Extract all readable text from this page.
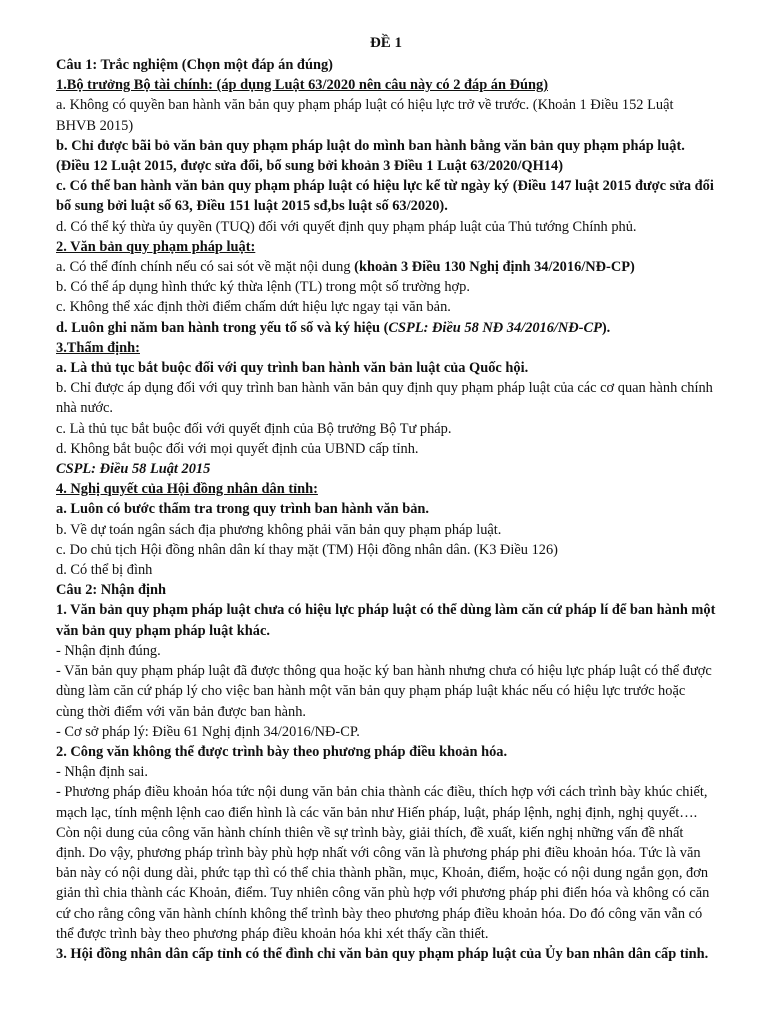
ĐỀ 1

Câu 1: Trắc nghiệm (Chọn một đáp án đúng)

1.Bộ trưởng Bộ tài chính: (áp dụng Luật 63/2020 nên câu này có 2 đáp án Đúng)

a. Không có quyền ban hành văn bản quy phạm pháp luật có hiệu lực trở về trước. (Khoản 1 Điều 152 Luật BHVB 2015)

b. Chỉ được bãi bỏ văn bản quy phạm pháp luật do mình ban hành bằng văn bản quy phạm pháp luật. (Điều 12 Luật 2015, được sửa đổi, bổ sung bởi khoản 3 Điều 1 Luật 63/2020/QH14)

c. Có thể ban hành văn bản quy phạm pháp luật có hiệu lực kể từ ngày ký (Điều 147 luật 2015 được sửa đổi bổ sung bởi luật số 63, Điều 151 luật 2015 sđ,bs luật số 63/2020).

d. Có thể ký thừa ủy quyền (TUQ) đối với quyết định quy phạm pháp luật của Thủ tướng Chính phủ.

2. Văn bản quy phạm pháp luật:

a. Có thể đính chính nếu có sai sót về mặt nội dung (khoản 3 Điều 130 Nghị định 34/2016/NĐ-CP)

b. Có thể áp dụng hình thức ký thừa lệnh (TL) trong một số trường hợp.

c. Không thể xác định thời điểm chấm dứt hiệu lực ngay tại văn bản.

d. Luôn ghi năm ban hành trong yếu tố số và ký hiệu (CSPL: Điều 58 NĐ 34/2016/NĐ-CP).

3.Thẩm định:

a. Là thủ tục bắt buộc đối với quy trình ban hành văn bản luật của Quốc hội.

b. Chỉ được áp dụng đối với quy trình ban hành văn bản quy định quy phạm pháp luật của các cơ quan hành chính nhà nước.

c. Là thủ tục bắt buộc đối với quyết định của Bộ trưởng Bộ Tư pháp.

d. Không bắt buộc đối với mọi quyết định của UBND cấp tỉnh.

CSPL: Điều 58 Luật 2015

4. Nghị quyết của Hội đồng nhân dân tỉnh:

a. Luôn có bước thẩm tra trong quy trình ban hành văn bản.

b. Về dự toán ngân sách địa phương không phải văn bản quy phạm pháp luật.

c. Do chủ tịch Hội đồng nhân dân kí thay mặt (TM) Hội đồng nhân dân. (K3 Điều 126)

d. Có thể bị đình

Câu 2: Nhận định

1. Văn bản quy phạm pháp luật chưa có hiệu lực pháp luật có thể dùng làm căn cứ pháp lí để ban hành một văn bản quy phạm pháp luật khác.

- Nhận định đúng.

- Văn bản quy phạm pháp luật đã được thông qua hoặc ký ban hành nhưng chưa có hiệu lực pháp luật có thể được dùng làm căn cứ pháp lý cho việc ban hành một văn bản quy phạm pháp luật khác nếu có hiệu lực trước hoặc cùng thời điểm với văn bản được ban hành.

- Cơ sở pháp lý: Điều 61 Nghị định 34/2016/NĐ-CP.

2. Công văn không thể được trình bày theo phương pháp điều khoản hóa.

- Nhận định sai.

- Phương pháp điều khoản hóa tức nội dung văn bản chia thành các điều, thích hợp với cách trình bày khúc chiết, mạch lạc, tính mệnh lệnh cao điển hình là các văn bản như Hiến pháp, luật, pháp lệnh, nghị định, nghị quyết…. Còn nội dung của công văn hành chính thiên về sự trình bày, giải thích, đề xuất, kiến nghị những vấn đề nhất định. Do vậy, phương pháp trình bày phù hợp nhất với công văn là phương pháp phi điều khoản hóa. Tức là văn bản này có nội dung dài, phức tạp thì có thể chia thành phần, mục, Khoản, điểm, hoặc có nội dung ngắn gọn, đơn giản thì chia thành các Khoản, điểm. Tuy nhiên công văn phù hợp với phương pháp phi điển hóa và không có căn cứ cho rằng công văn hành chính không thể trình bày theo phương pháp điều khoản hóa. Do đó công văn vẫn có thể được trình bày theo phương pháp điều khoản hóa khi xét thấy cần thiết.

3. Hội đồng nhân dân cấp tỉnh có thể đình chỉ văn bản quy phạm pháp luật của Ủy ban nhân dân cấp tỉnh.
